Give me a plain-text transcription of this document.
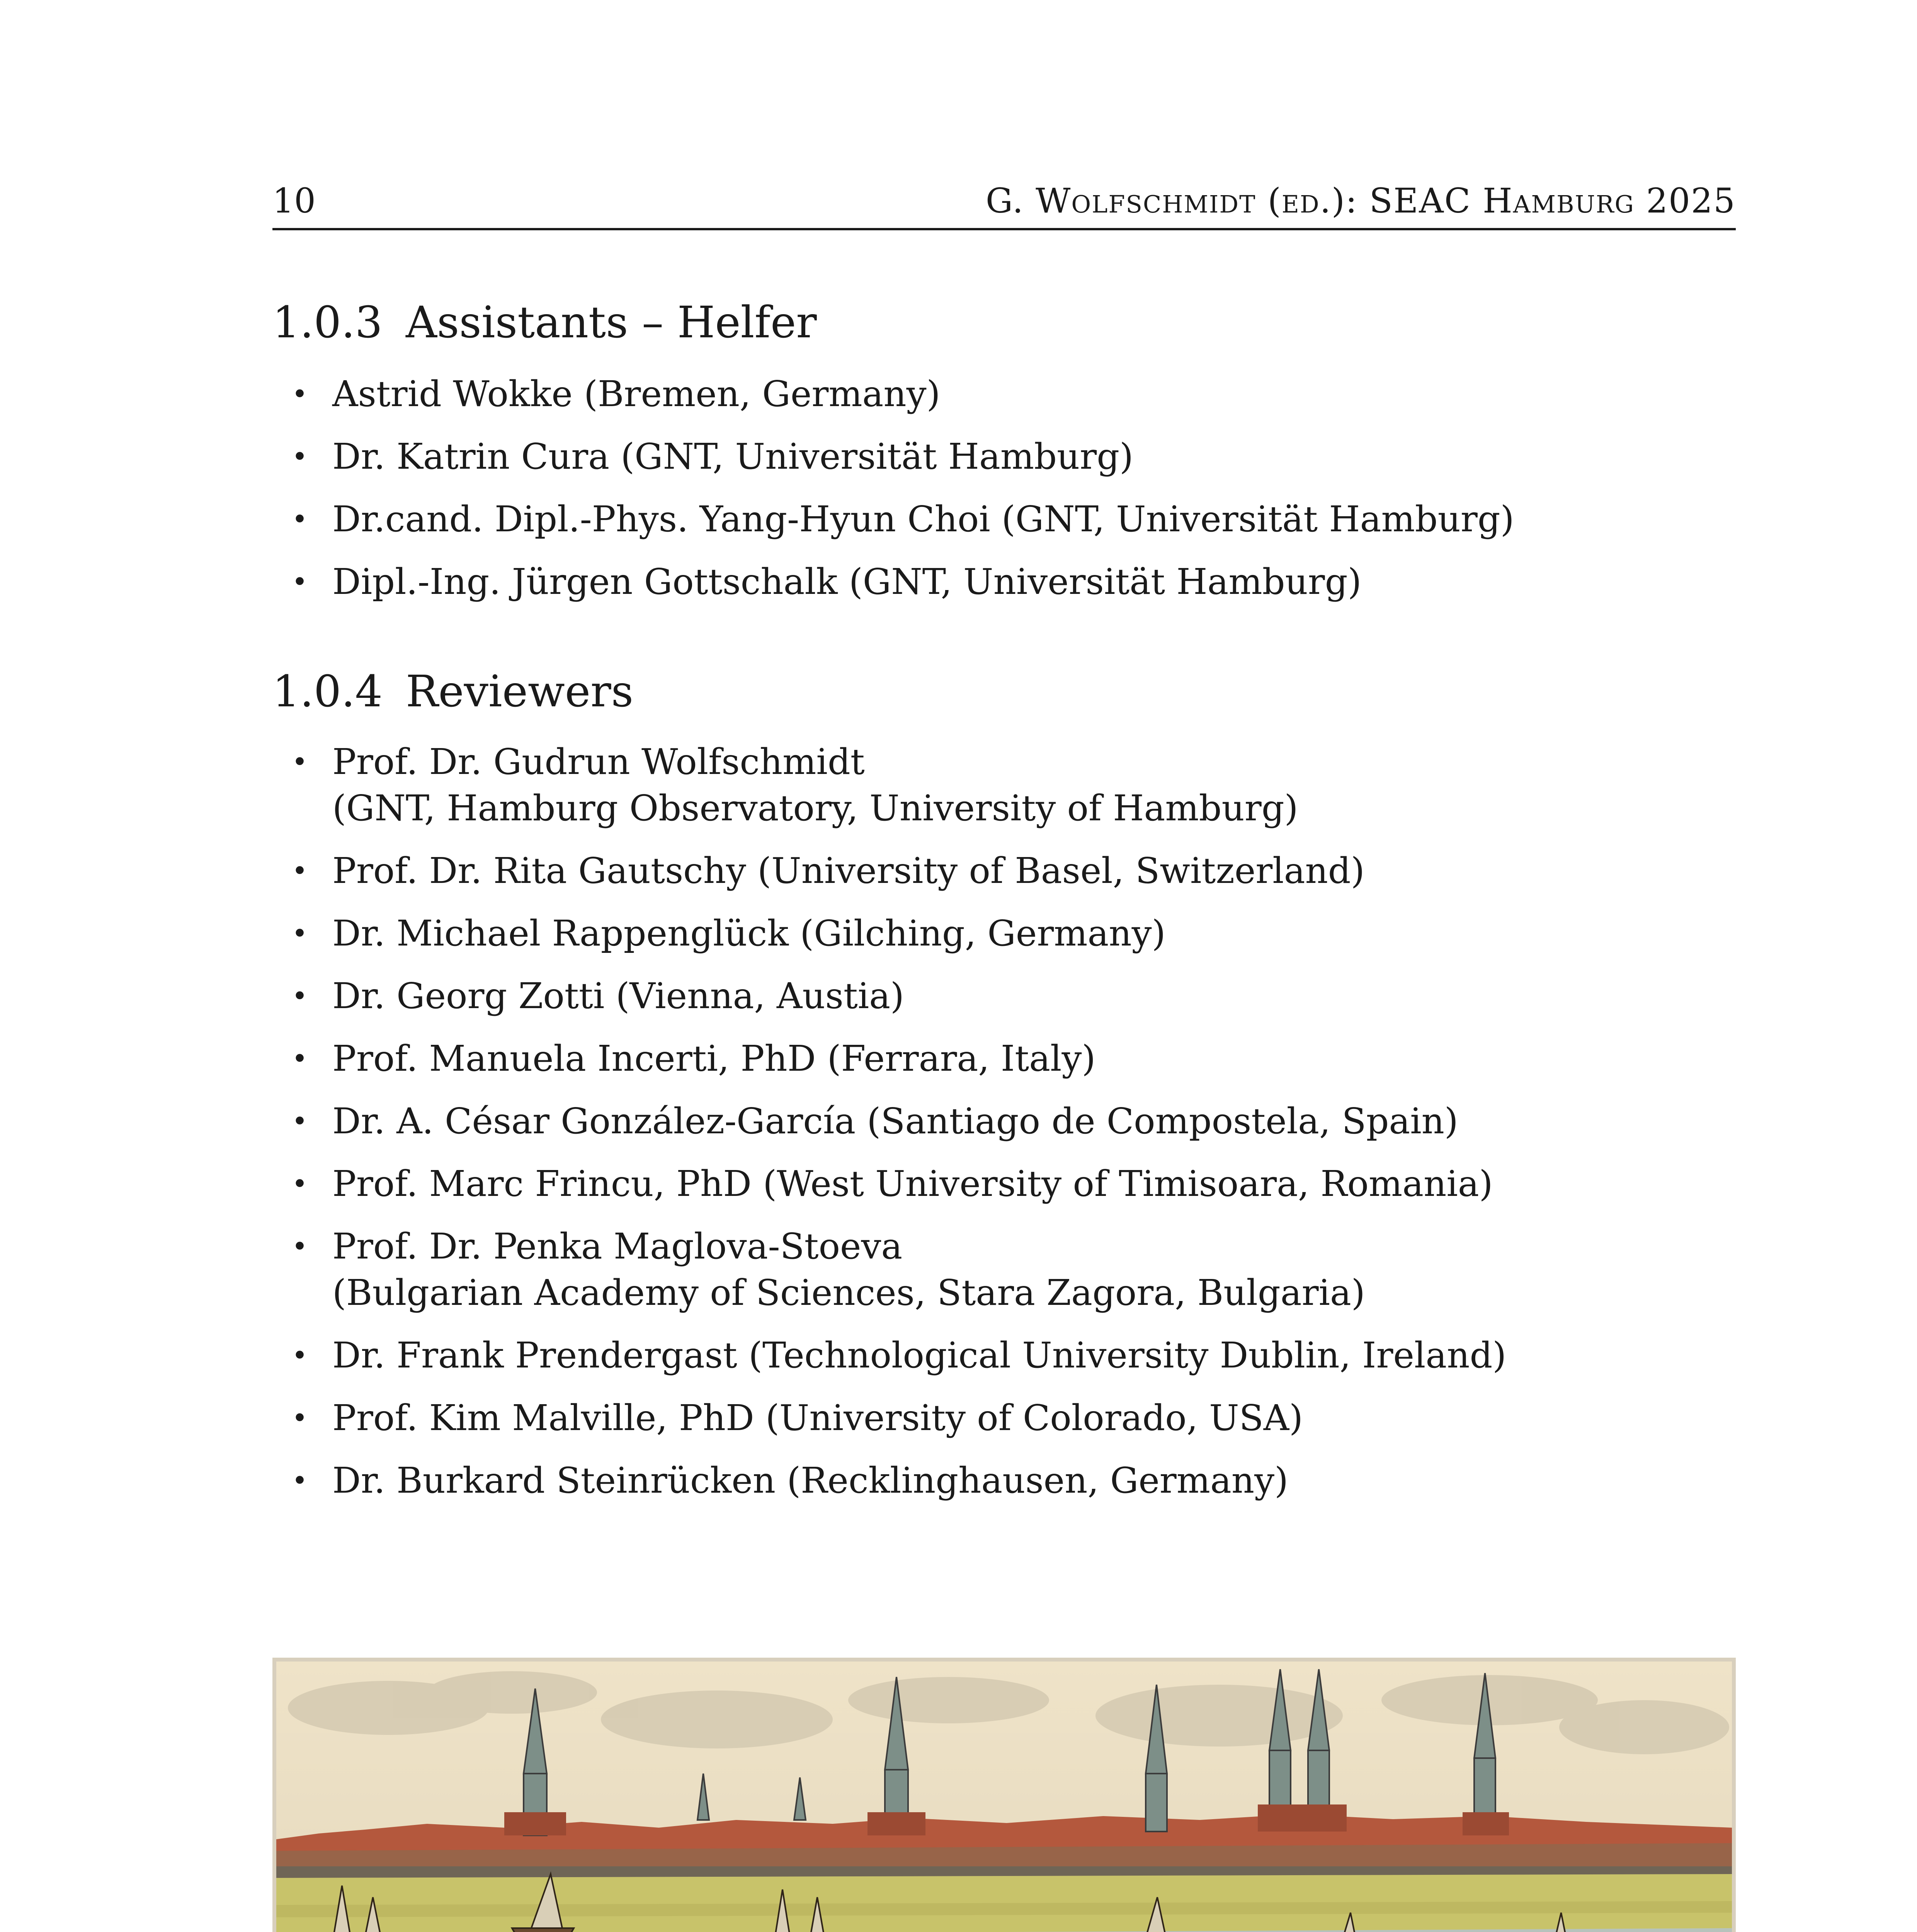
10	G. Wolfschmidt (ed.): SEAC Hamburg 2025
1.0.3 Assistants – Helfer
• Astrid Wokke (Bremen, Germany)
• Dr. Katrin Cura (GNT, Universität Hamburg)
• Dr.cand. Dipl.-Phys. Yang-Hyun Choi (GNT, Universität Hamburg)
• Dipl.-Ing. Jürgen Gottschalk (GNT, Universität Hamburg)
1.0.4 Reviewers
• Prof. Dr. Gudrun Wolfschmidt
(GNT, Hamburg Observatory, University of Hamburg)
• Prof. Dr. Rita Gautschy (University of Basel, Switzerland)
• Dr. Michael Rappenglück (Gilching, Germany)
• Dr. Georg Zotti (Vienna, Austia)
• Prof. Manuela Incerti, PhD (Ferrara, Italy)
• Dr. A. César González-García (Santiago de Compostela, Spain)
• Prof. Marc Frincu, PhD (West University of Timisoara, Romania)
• Prof. Dr. Penka Maglova-Stoeva
(Bulgarian Academy of Sciences, Stara Zagora, Bulgaria)
• Dr. Frank Prendergast (Technological University Dublin, Ireland)
• Prof. Kim Malville, PhD (University of Colorado, USA)
• Dr. Burkard Steinrücken (Recklinghausen, Germany)
